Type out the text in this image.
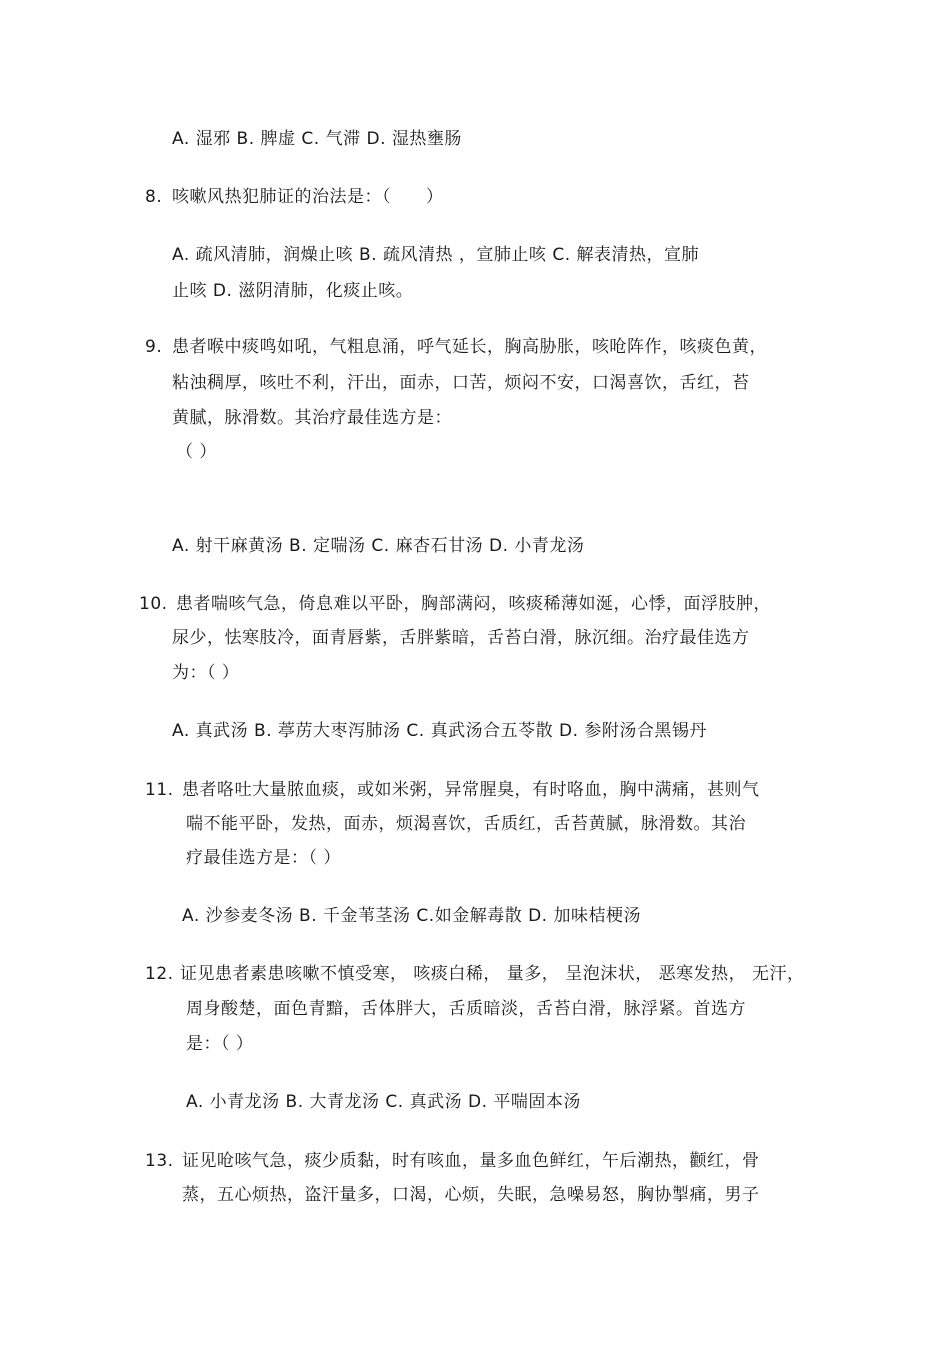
A. 湿邪 B. 脾虚 C. 气滞 D. 湿热壅肠
8. 咳嗽风热犯肺证的治法是：（　　）
A. 疏风清肺，润燥止咳 B. 疏风清热 ，宣肺止咳 C. 解表清热，宣肺
止咳 D. 滋阴清肺，化痰止咳。
9. 患者喉中痰鸣如吼，气粗息涌，呼气延长，胸高胁胀，咳呛阵作，咳痰色黄，
粘浊稠厚，咳吐不利，汗出，面赤，口苦，烦闷不安，口渴喜饮，舌红，苔
黄腻，脉滑数。其治疗最佳选方是：
（ ）
A. 射干麻黄汤 B. 定喘汤 C. 麻杏石甘汤 D. 小青龙汤
10. 患者喘咳气急，倚息难以平卧，胸部满闷，咳痰稀薄如涎，心悸，面浮肢肿，
尿少，怯寒肢冷，面青唇紫，舌胖紫暗，舌苔白滑，脉沉细。治疗最佳选方
为：（ ）
A. 真武汤 B. 葶苈大枣泻肺汤 C. 真武汤合五苓散 D. 参附汤合黑锡丹
11. 患者咯吐大量脓血痰，或如米粥，异常腥臭，有时咯血，胸中满痛，甚则气
喘不能平卧，发热，面赤，烦渴喜饮，舌质红，舌苔黄腻，脉滑数。其治
疗最佳选方是：（ ）
A. 沙参麦冬汤 B. 千金苇茎汤 C.如金解毒散 D. 加味桔梗汤
12. 证见患者素患咳嗽不慎受寒， 咳痰白稀， 量多， 呈泡沫状， 恶寒发热， 无汗，
周身酸楚，面色青黯，舌体胖大，舌质暗淡，舌苔白滑，脉浮紧。首选方
是：（ ）
A. 小青龙汤 B. 大青龙汤 C. 真武汤 D. 平喘固本汤
13. 证见呛咳气急，痰少质黏，时有咳血，量多血色鲜红，午后潮热，颧红，骨
蒸，五心烦热，盗汗量多，口渴，心烦，失眠，急噪易怒，胸协掣痛，男子
